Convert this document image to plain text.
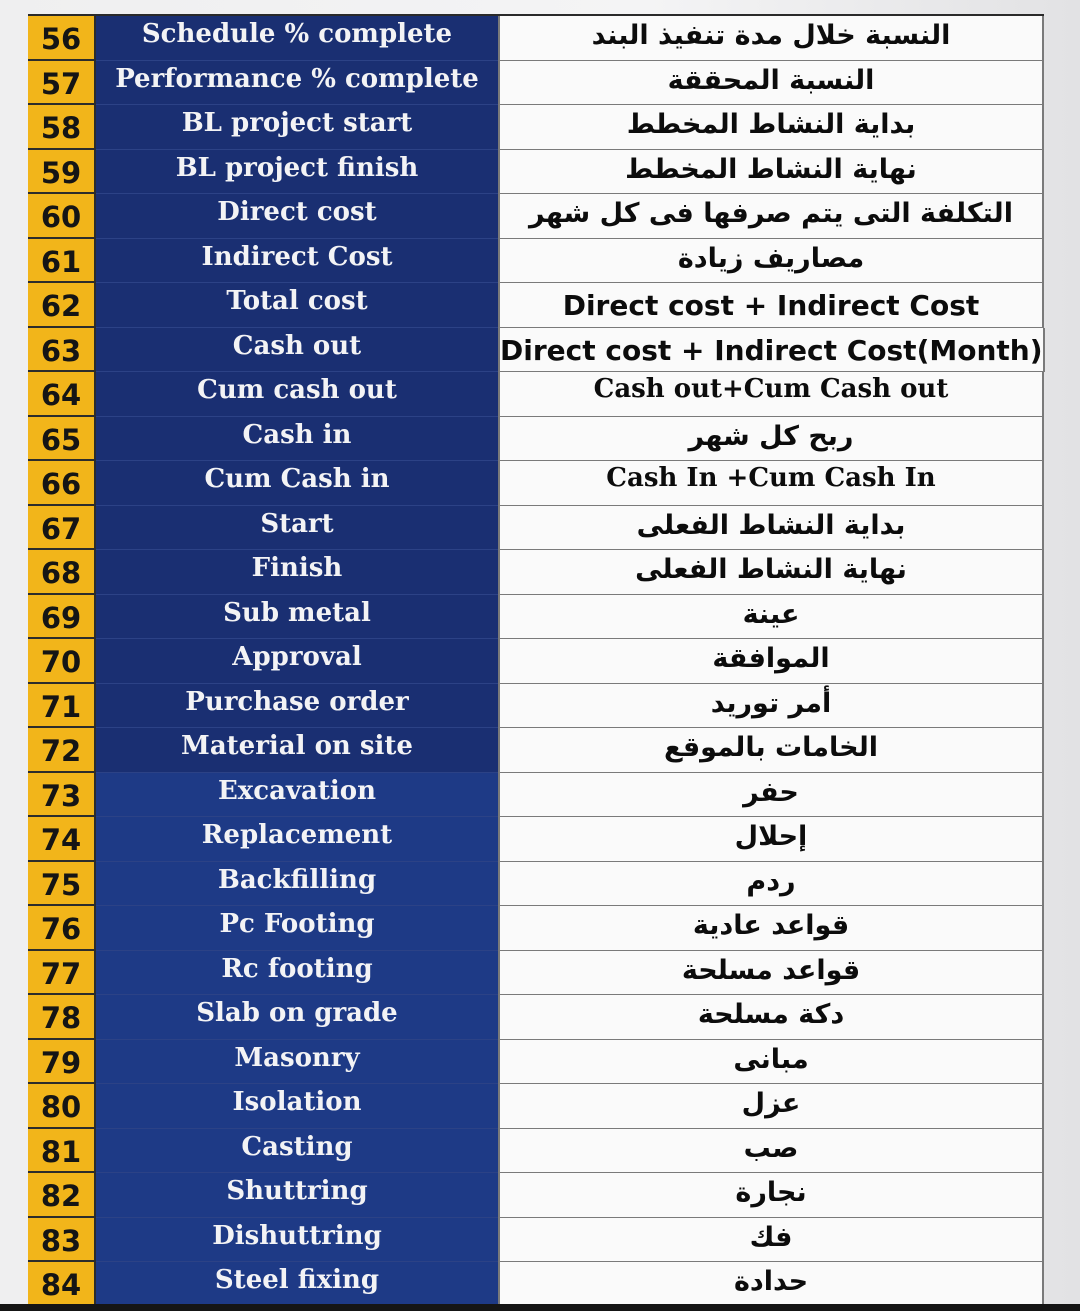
56	Schedule % complete	النسبة خلال مدة تنفيذ البند
57	Performance % complete	النسبة المحققة
58	BL project start	بداية النشاط المخطط
59	BL project finish	نهاية النشاط المخطط
60	Direct cost	التكلفة التى يتم صرفها فى كل شهر
61	Indirect Cost	مصاريف زيادة
62	Total cost	Direct cost + Indirect Cost
63	Cash out	Direct cost + Indirect Cost(Month)
64	Cum cash out	Cash out+Cum Cash out
65	Cash in	ربح كل شهر
66	Cum Cash in	Cash In +Cum Cash In
67	Start	بداية النشاط الفعلى
68	Finish	نهاية النشاط الفعلى
69	Sub metal	عينة
70	Approval	الموافقة
71	Purchase order	أمر توريد
72	Material on site	الخامات بالموقع
73	Excavation	حفر
74	Replacement	إحلال
75	Backfilling	ردم
76	Pc Footing	قواعد عادية
77	Rc footing	قواعد مسلحة
78	Slab on grade	دكة مسلحة
79	Masonry	مبانى
80	Isolation	عزل
81	Casting	صب
82	Shuttring	نجارة
83	Dishuttring	فك
84	Steel fixing	حدادة
